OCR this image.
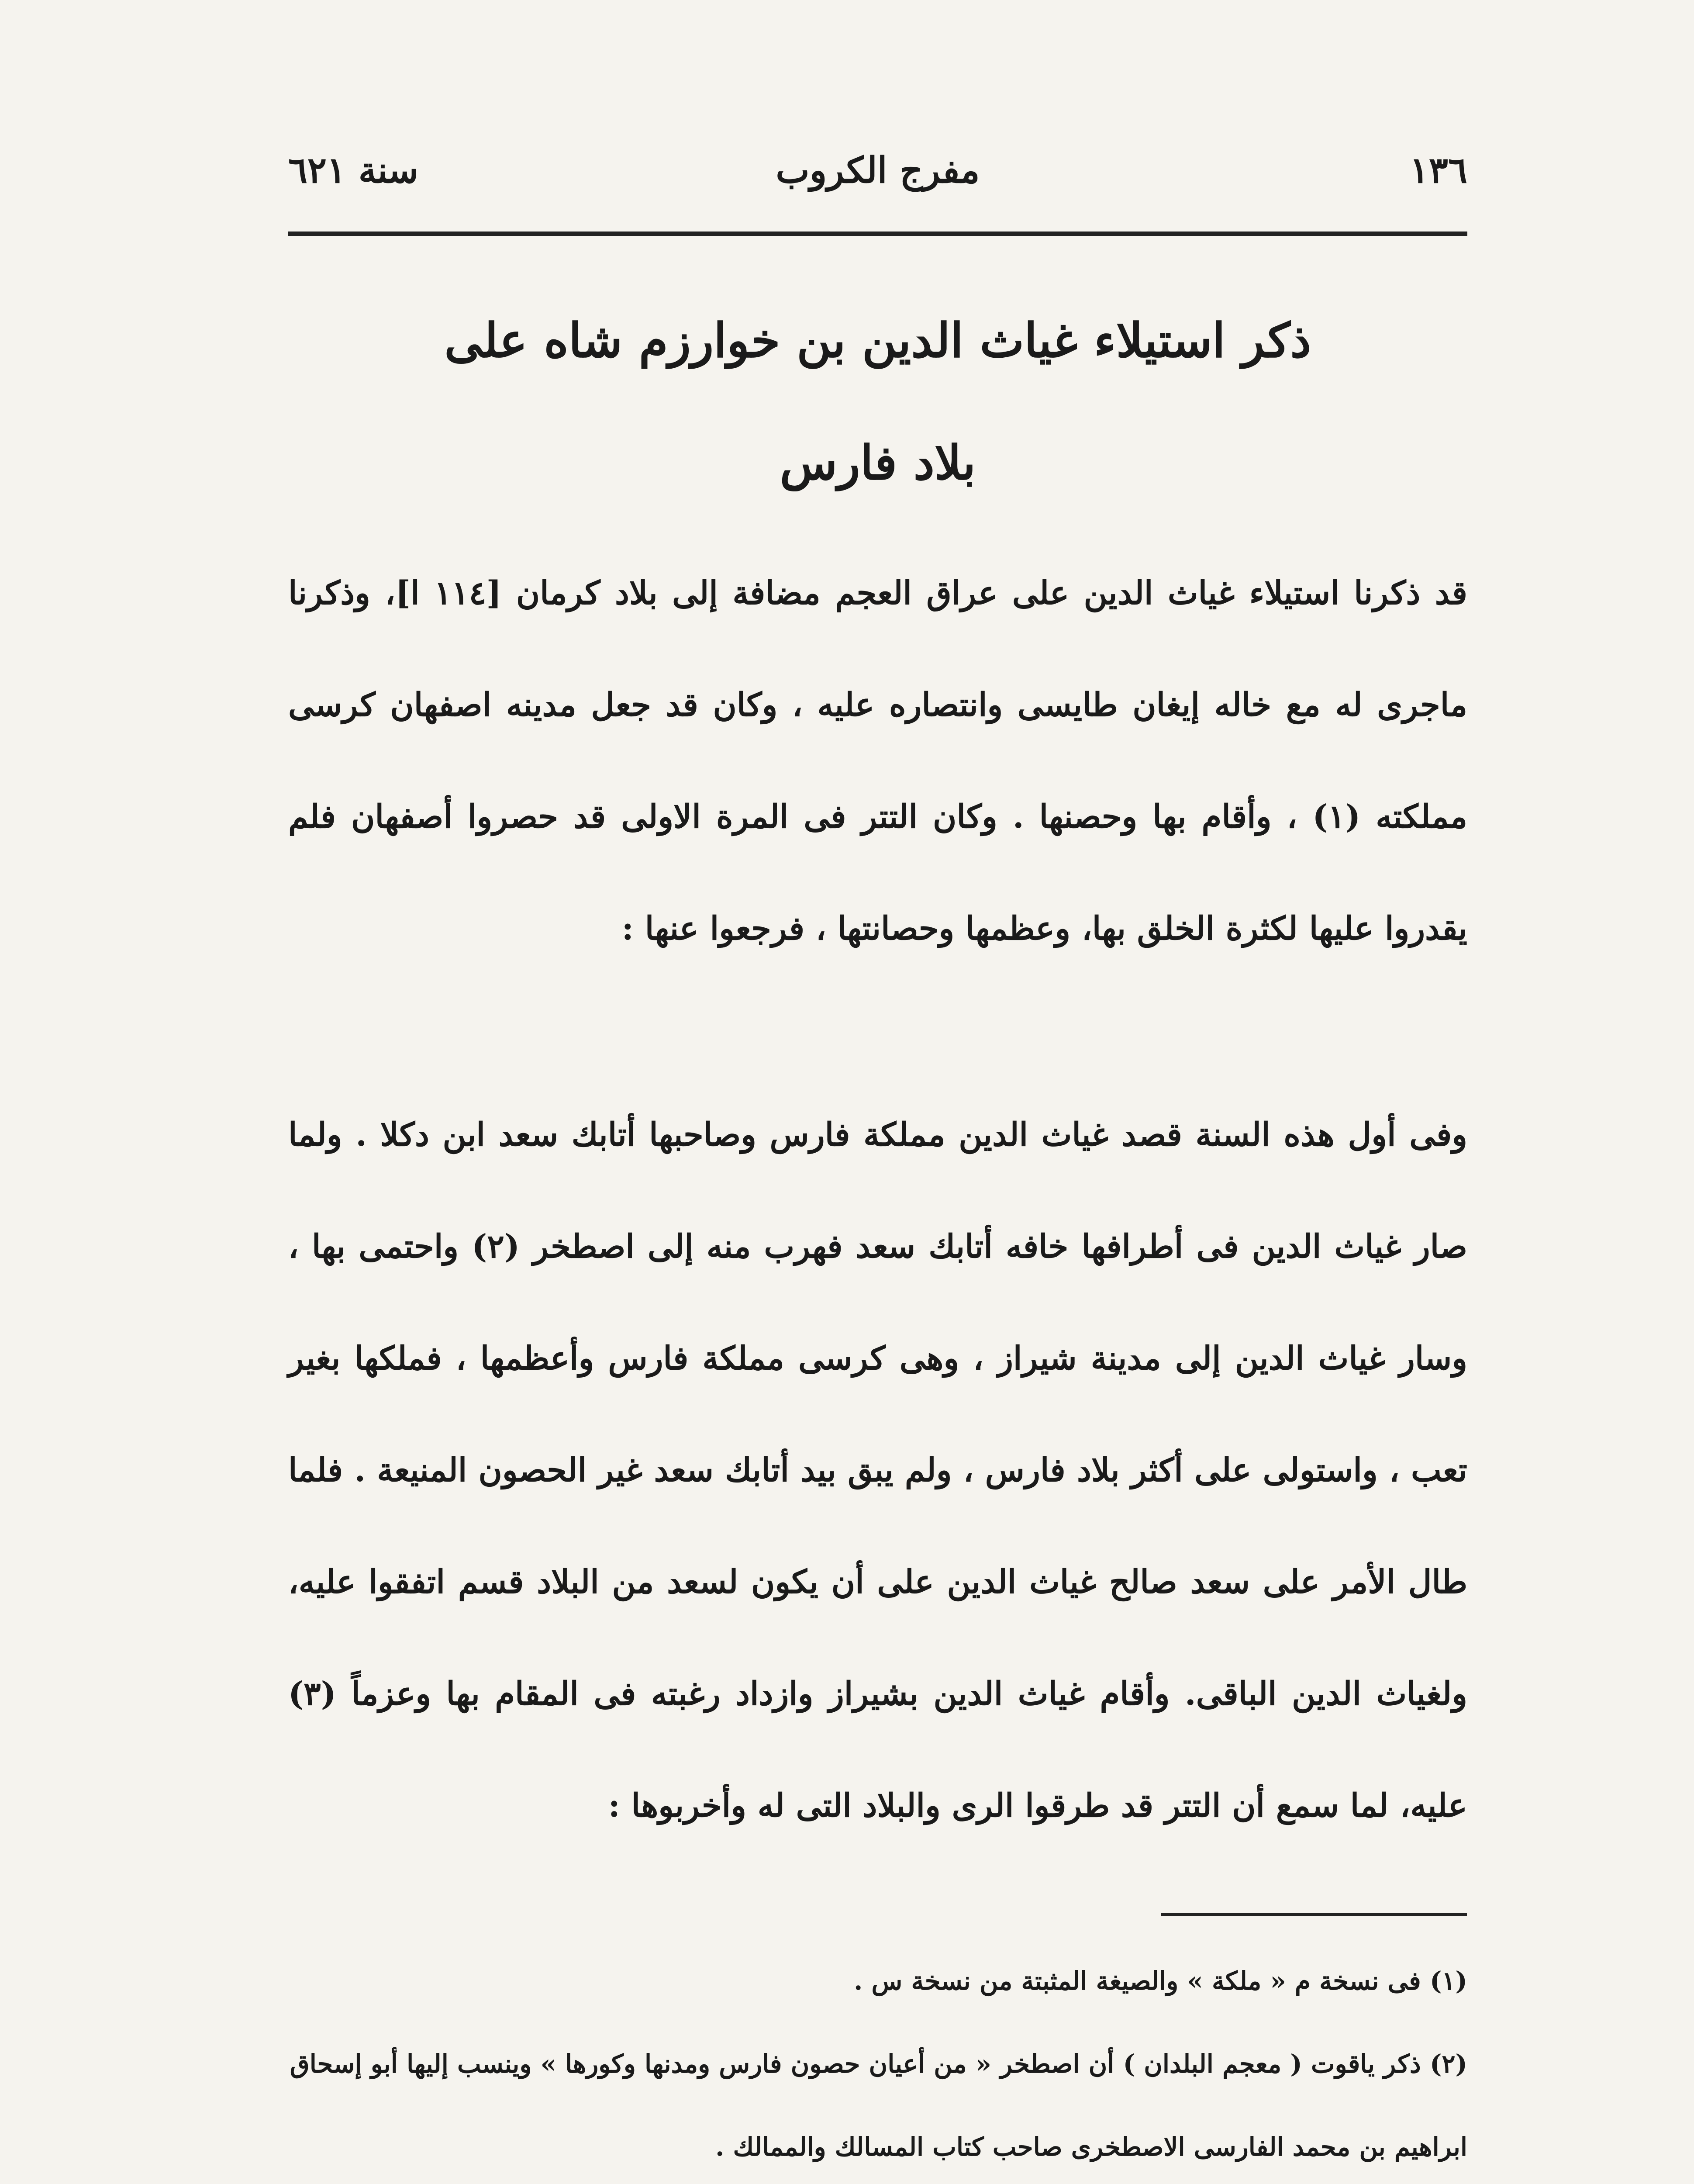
١٣٦
مفرج الكروب
سنة ٦٢١
ذكر استيلاء غياث الدين بن خوارزم شاه على
بلاد فارس
قد ذكرنا استيلاء غياث الدين على عراق العجم مضافة إلى بلاد كرمان [١١٤ ا]، وذكرنا ماجرى له مع خاله إيغان طايسى وانتصاره عليه ، وكان قد جعل مدينه اصفهان كرسى مملكته (١) ، وأقام بها وحصنها . وكان التتر فى المرة الاولى قد حصروا أصفهان فلم يقدروا عليها لكثرة الخلق بها، وعظمها وحصانتها ، فرجعوا عنها :
وفى أول هذه السنة قصد غياث الدين مملكة فارس وصاحبها أتابك سعد ابن دكلا . ولما صار غياث الدين فى أطرافها خافه أتابك سعد فهرب منه إلى اصطخر (٢) واحتمى بها ، وسار غياث الدين إلى مدينة شيراز ، وهى كرسى مملكة فارس وأعظمها ، فملكها بغير تعب ، واستولى على أكثر بلاد فارس ، ولم يبق بيد أتابك سعد غير الحصون المنيعة . فلما طال الأمر على سعد صالح غياث الدين على أن يكون لسعد من البلاد قسم اتفقوا عليه، ولغياث الدين الباقى. وأقام غياث الدين بشيراز وازداد رغبته فى المقام بها وعزماً (٣) عليه، لما سمع أن التتر قد طرقوا الرى والبلاد التى له وأخربوها :

(١) فى نسخة م « ملكة » والصيغة المثبتة من نسخة س .

(٢) ذكر ياقوت ( معجم البلدان ) أن اصطخر « من أعيان حصون فارس ومدنها وكورها » وينسب إليها أبو إسحاق ابراهيم بن محمد الفارسى الاصطخرى صاحب كتاب المسالك والممالك .
